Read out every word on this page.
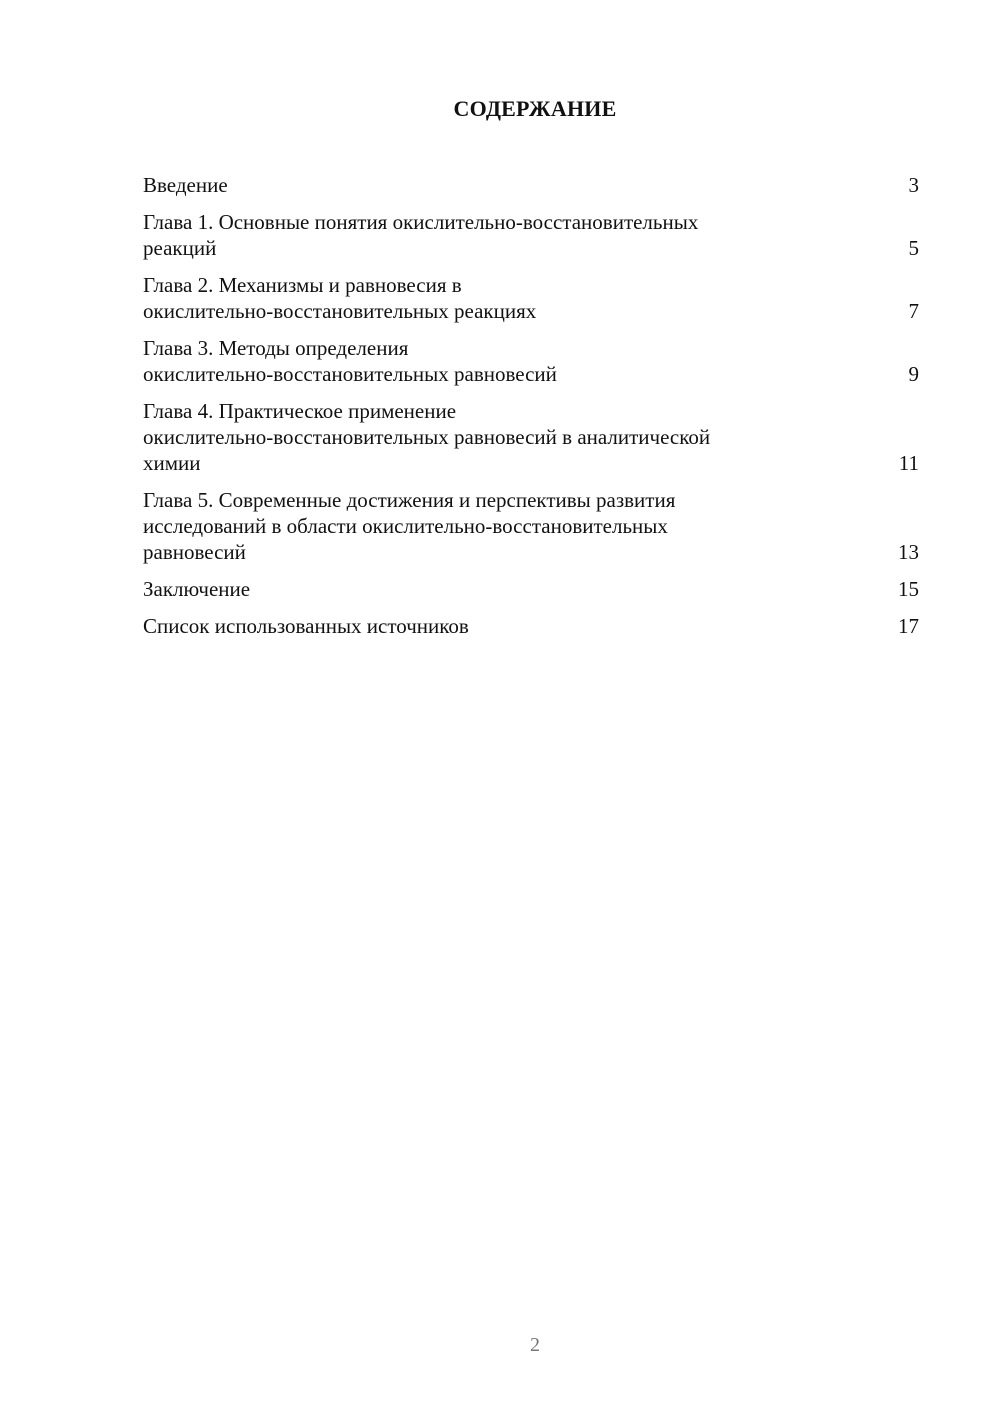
СОДЕРЖАНИЕ
Введение	3
Глава 1. Основные понятия окислительно-восстановительных
реакций	5
Глава 2. Механизмы и равновесия в
окислительно-восстановительных реакциях	7
Глава 3. Методы определения
окислительно-восстановительных равновесий	9
Глава 4. Практическое применение
окислительно-восстановительных равновесий в аналитической
химии	11
Глава 5. Современные достижения и перспективы развития
исследований в области окислительно-восстановительных
равновесий	13
Заключение	15
Список использованных источников	17
2
